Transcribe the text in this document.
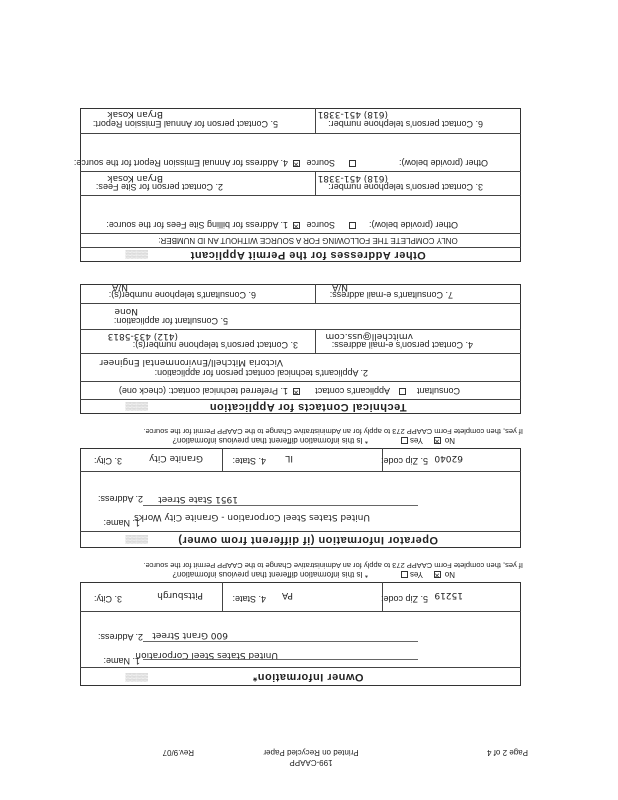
Rev.9/07	Printed on Recycled Paper
199-CAAPP
Page 2 of 4
▒▒▒▒	Owner Information*
1. Name:
United States Steel Corporation
2. Address: 600 Grant Street
3. City:	Pittsburgh	4. State: PA	5. Zip code: 15219
* Is this information different than previous information?	Yes ✕ No
If yes, then complete Form CAAPP 273 to apply for an Administrative Change to the CAAPP Permit for the source.
▒▒▒▒	Operator Information (if different from owner)
1. Name:
United States Steel Corporation - Granite City Works
2. Address: 1951 State Street
3. City:	Granite City	4. State: IL	5. Zip code: 62040
* Is this information different than previous information?	Yes ✕ No
If yes, then complete Form CAAPP 273 to apply for an Administrative Change to the CAAPP Permit for the source.
▒▒▒▒	Technical Contacts for Application
1. Preferred technical contact: (check one) ✕ Applicant's contact	Consultant
2. Applicant's technical contact person for application:
Victoria Mitchell/Environmental Engineer
3. Contact person's telephone number(s):
(412) 433-5813
4. Contact person's e-mail address:
vmitchell@uss.com
5. Consultant for application:
None
6. Consultant's telephone number(s):
N/A
7. Consultant's e-mail address:
N/A
▒▒▒▒	Other Addresses for the Permit Applicant
ONLY COMPLETE THE FOLLOWING FOR A SOURCE WITHOUT AN ID NUMBER:
1. Address for billing Site Fees for the source: ✕ Source	Other (provide below):
2. Contact person for Site Fees:
Bryan Kosak
3. Contact person's telephone number:
(618) 451-3381
4. Address for Annual Emission Report for the source: ✕ Source	Other (provide below):
5. Contact person for Annual Emission Report:
Bryan Kosak
6. Contact person's telephone number:
(618) 451-3381
